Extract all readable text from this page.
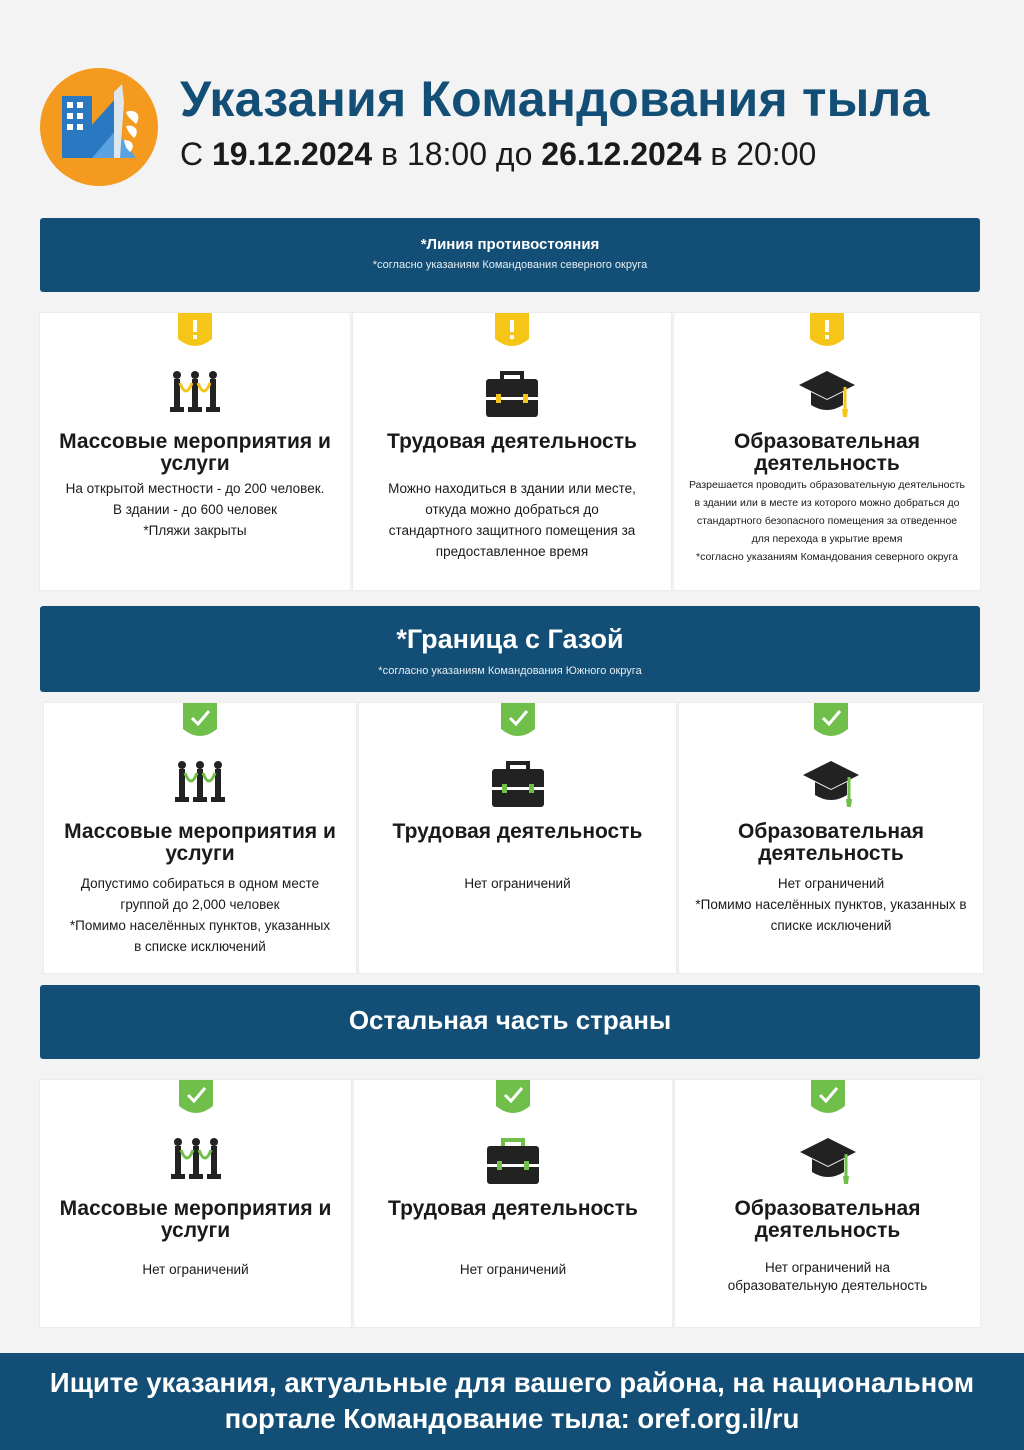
Указания Командования тыла
С 19.12.2024 в 18:00 до 26.12.2024 в 20:00
*Линия противостояния
*согласно указаниям Командования северного округа
Массовые мероприятия и услуги
На открытой местности - до 200 человек.
В здании - до 600 человек
*Пляжи закрыты
Трудовая деятельность
Можно находиться в здании или месте,
откуда можно добраться до
стандартного защитного помещения за
предоставленное время
Образовательная деятельность
Разрешается проводить образовательную деятельность
в здании или в месте из которого можно добраться до
стандартного безопасного помещения за отведенное
для перехода в укрытие время
*согласно указаниям Командования северного округа
*Граница с Газой
*согласно указаниям Командования Южного округа
Массовые мероприятия и услуги
Допустимо собираться в одном месте
группой до 2,000 человек
*Помимо населённых пунктов, указанных
в списке исключений
Трудовая деятельность
Нет ограничений
Образовательная деятельность
Нет ограничений
*Помимо населённых пунктов, указанных в
списке исключений
Остальная часть страны
Массовые мероприятия и услуги
Нет ограничений
Трудовая деятельность
Нет ограничений
Образовательная деятельность
Нет ограничений на
образовательную деятельность
Ищите указания, актуальные для вашего района, на национальном
портале Командование тыла: oref.org.il/ru
